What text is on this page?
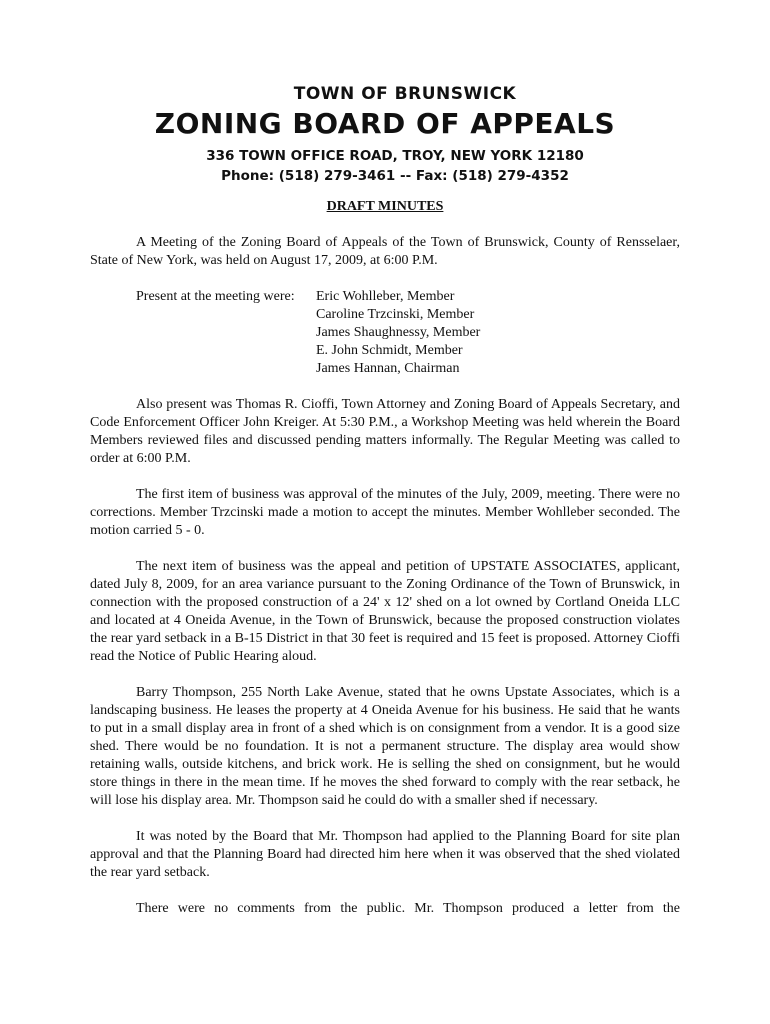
TOWN OF BRUNSWICK
ZONING BOARD OF APPEALS
336 TOWN OFFICE ROAD, TROY, NEW YORK 12180
Phone: (518) 279-3461 -- Fax: (518) 279-4352
DRAFT MINUTES

A Meeting of the Zoning Board of Appeals of the Town of Brunswick, County of Rensselaer, State of New York, was held on August 17, 2009, at 6:00 P.M.

Present at the meeting were:	Eric Wohlleber, Member
Caroline Trzcinski, Member
James Shaughnessy, Member
E. John Schmidt, Member
James Hannan, Chairman

Also present was Thomas R. Cioffi, Town Attorney and Zoning Board of Appeals Secretary, and Code Enforcement Officer John Kreiger. At 5:30 P.M., a Workshop Meeting was held wherein the Board Members reviewed files and discussed pending matters informally. The Regular Meeting was called to order at 6:00 P.M.

The first item of business was approval of the minutes of the July, 2009, meeting. There were no corrections. Member Trzcinski made a motion to accept the minutes. Member Wohlleber seconded. The motion carried 5 - 0.

The next item of business was the appeal and petition of UPSTATE ASSOCIATES, applicant, dated July 8, 2009, for an area variance pursuant to the Zoning Ordinance of the Town of Brunswick, in connection with the proposed construction of a 24' x 12' shed on a lot owned by Cortland Oneida LLC and located at 4 Oneida Avenue, in the Town of Brunswick, because the proposed construction violates the rear yard setback in a B-15 District in that 30 feet is required and 15 feet is proposed. Attorney Cioffi read the Notice of Public Hearing aloud.

Barry Thompson, 255 North Lake Avenue, stated that he owns Upstate Associates, which is a landscaping business. He leases the property at 4 Oneida Avenue for his business. He said that he wants to put in a small display area in front of a shed which is on consignment from a vendor. It is a good size shed. There would be no foundation. It is not a permanent structure. The display area would show retaining walls, outside kitchens, and brick work. He is selling the shed on consignment, but he would store things in there in the mean time. If he moves the shed forward to comply with the rear setback, he will lose his display area. Mr. Thompson said he could do with a smaller shed if necessary.

It was noted by the Board that Mr. Thompson had applied to the Planning Board for site plan approval and that the Planning Board had directed him here when it was observed that the shed violated the rear yard setback.

There were no comments from the public. Mr. Thompson produced a letter from the
